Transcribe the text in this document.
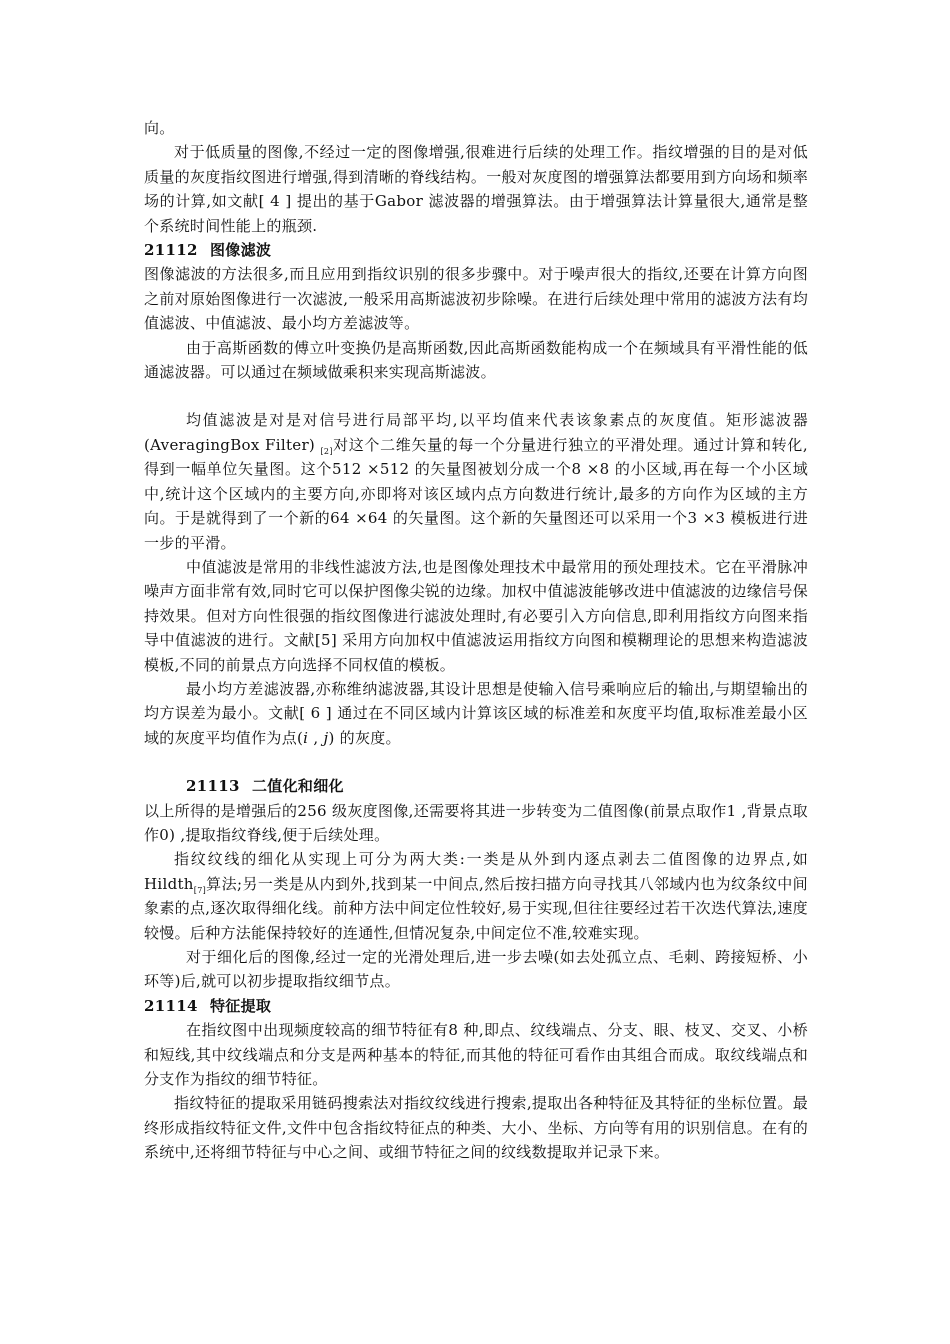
向。

对于低质量的图像,不经过一定的图像增强,很难进行后续的处理工作。指纹增强的目的是对低质量的灰度指纹图进行增强,得到清晰的脊线结构。一般对灰度图的增强算法都要用到方向场和频率场的计算,如文献[ 4 ] 提出的基于Gabor 滤波器的增强算法。由于增强算法计算量很大,通常是整个系统时间性能上的瓶颈.

21112 图像滤波

图像滤波的方法很多,而且应用到指纹识别的很多步骤中。对于噪声很大的指纹,还要在计算方向图之前对原始图像进行一次滤波,一般采用高斯滤波初步除噪。在进行后续处理中常用的滤波方法有均值滤波、中值滤波、最小均方差滤波等。

由于高斯函数的傅立叶变换仍是高斯函数,因此高斯函数能构成一个在频域具有平滑性能的低通滤波器。可以通过在频域做乘积来实现高斯滤波。

均值滤波是对是对信号进行局部平均,以平均值来代表该象素点的灰度值。矩形滤波器(AveragingBox Filter) $_{[2]}$对这个二维矢量的每一个分量进行独立的平滑处理。通过计算和转化,得到一幅单位矢量图。这个512 ×512 的矢量图被划分成一个8 ×8 的小区域,再在每一个小区域中,统计这个区域内的主要方向,亦即将对该区域内点方向数进行统计,最多的方向作为区域的主方向。于是就得到了一个新的64 ×64 的矢量图。这个新的矢量图还可以采用一个3 ×3 模板进行进一步的平滑。

中值滤波是常用的非线性滤波方法,也是图像处理技术中最常用的预处理技术。它在平滑脉冲噪声方面非常有效,同时它可以保护图像尖锐的边缘。加权中值滤波能够改进中值滤波的边缘信号保持效果。但对方向性很强的指纹图像进行滤波处理时,有必要引入方向信息,即利用指纹方向图来指导中值滤波的进行。文献[5] 采用方向加权中值滤波运用指纹方向图和模糊理论的思想来构造滤波模板,不同的前景点方向选择不同权值的模板。

最小均方差滤波器,亦称维纳滤波器,其设计思想是使输入信号乘响应后的输出,与期望输出的均方误差为最小。文献[ 6 ] 通过在不同区域内计算该区域的标准差和灰度平均值,取标准差最小区域的灰度平均值作为点(i , j) 的灰度。

21113 二值化和细化

以上所得的是增强后的256 级灰度图像,还需要将其进一步转变为二值图像(前景点取作1 ,背景点取作0) ,提取指纹脊线,便于后续处理。

指纹纹线的细化从实现上可分为两大类:一类是从外到内逐点剥去二值图像的边界点,如Hildth$_{[7]}$算法;另一类是从内到外,找到某一中间点,然后按扫描方向寻找其八邻域内也为纹条纹中间象素的点,逐次取得细化线。前种方法中间定位性较好,易于实现,但往往要经过若干次迭代算法,速度较慢。后种方法能保持较好的连通性,但情况复杂,中间定位不准,较难实现。

对于细化后的图像,经过一定的光滑处理后,进一步去噪(如去处孤立点、毛刺、跨接短桥、小环等)后,就可以初步提取指纹细节点。

21114 特征提取

在指纹图中出现频度较高的细节特征有8 种,即点、纹线端点、分支、眼、枝叉、交叉、小桥和短线,其中纹线端点和分支是两种基本的特征,而其他的特征可看作由其组合而成。取纹线端点和分支作为指纹的细节特征。

指纹特征的提取采用链码搜索法对指纹纹线进行搜索,提取出各种特征及其特征的坐标位置。最终形成指纹特征文件,文件中包含指纹特征点的种类、大小、坐标、方向等有用的识别信息。在有的系统中,还将细节特征与中心之间、或细节特征之间的纹线数提取并记录下来。
